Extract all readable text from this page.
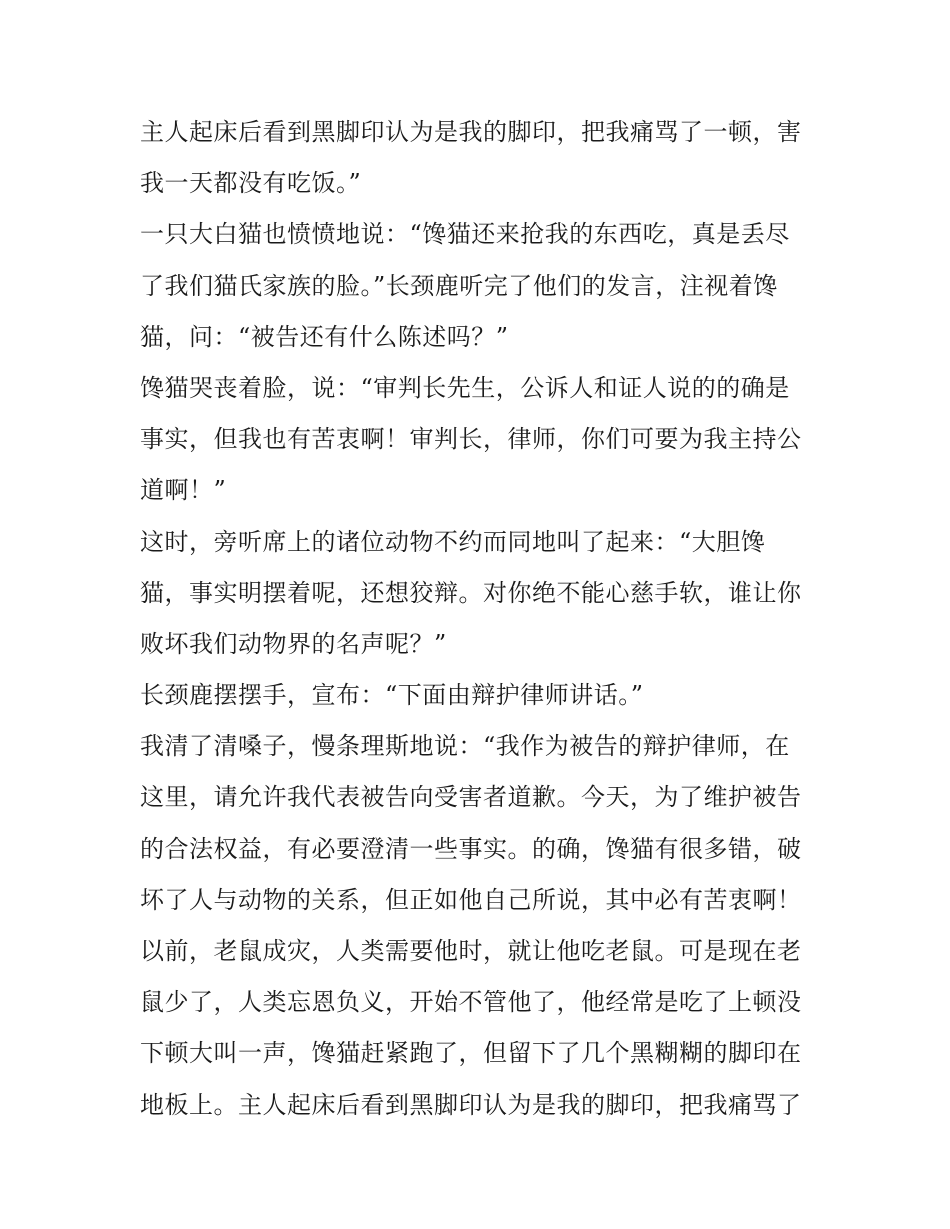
主人起床后看到黑脚印认为是我的脚印，把我痛骂了一顿，害
我一天都没有吃饭。”
一只大白猫也愤愤地说：“馋猫还来抢我的东西吃，真是丢尽
了我们猫氏家族的脸。”长颈鹿听完了他们的发言，注视着馋
猫，问：“被告还有什么陈述吗？”
馋猫哭丧着脸，说：“审判长先生，公诉人和证人说的的确是
事实，但我也有苦衷啊！审判长，律师，你们可要为我主持公
道啊！”
这时，旁听席上的诸位动物不约而同地叫了起来：“大胆馋
猫，事实明摆着呢，还想狡辩。对你绝不能心慈手软，谁让你
败坏我们动物界的名声呢？”
长颈鹿摆摆手，宣布：“下面由辩护律师讲话。”
我清了清嗓子，慢条理斯地说：“我作为被告的辩护律师，在
这里，请允许我代表被告向受害者道歉。今天，为了维护被告
的合法权益，有必要澄清一些事实。的确，馋猫有很多错，破
坏了人与动物的关系，但正如他自己所说，其中必有苦衷啊！
以前，老鼠成灾，人类需要他时，就让他吃老鼠。可是现在老
鼠少了，人类忘恩负义，开始不管他了，他经常是吃了上顿没
下顿大叫一声，馋猫赶紧跑了，但留下了几个黑糊糊的脚印在
地板上。主人起床后看到黑脚印认为是我的脚印，把我痛骂了
